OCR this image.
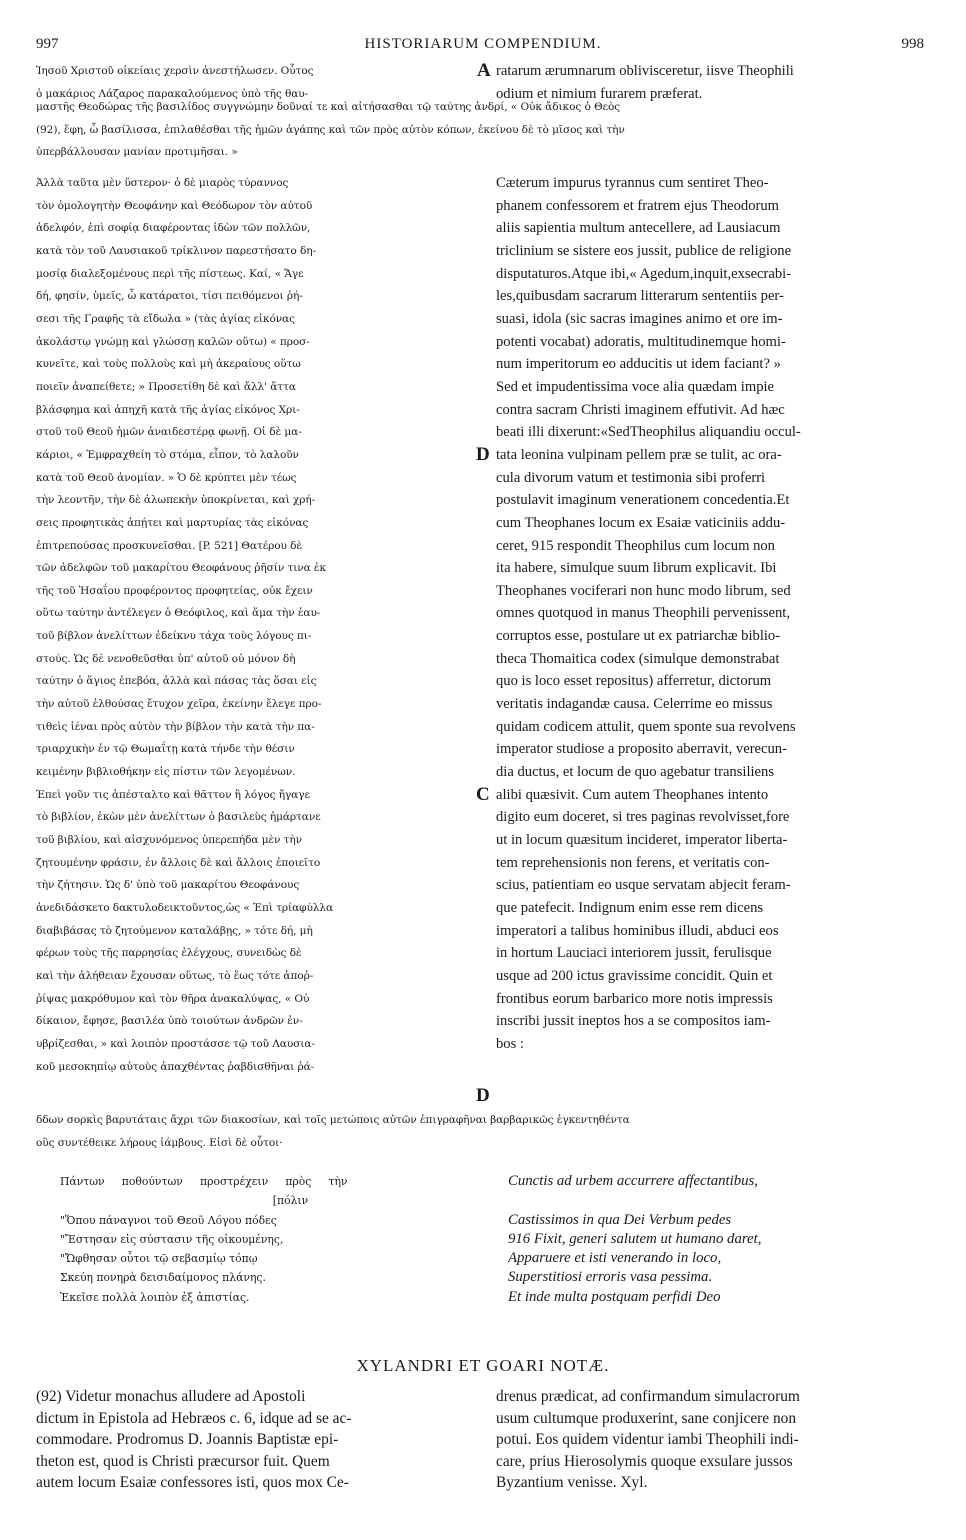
997	HISTORIARUM COMPENDIUM.	998
Ἰησοῦ Χριστοῦ οἰκείαις χερσὶν ἀνεστήλωσεν. Οὗτος
ὁ μακάριος Λάζαρος παρακαλούμενος ὑπὸ τῆς θαυ-
ratarum ærumnarum oblivisceretur, iisve Theophili
odium et nimium furarem præferat.
A
μαστῆς Θεοδώρας τῆς βασιλίδος συγγνώμην δοῦναί τε καὶ αἰτήσασθαι τῷ ταύτης ἀνδρί, « Οὐκ ἄδικος ὁ Θεὸς
(92), ἔφη, ὦ βασίλισσα, ἐπιλαθέσθαι τῆς ἡμῶν ἀγάπης καὶ τῶν πρὸς αὐτὸν κόπων, ἐκείνου δὲ τὸ μῖσος καὶ τὴν
ὑπερβάλλουσαν μανίαν προτιμῆσαι. »
Ἀλλὰ ταῦτα μὲν ὕστερον· ὁ δὲ μιαρὸς τύραννος
τὸν ὁμολογητὴν Θεοφάνην καὶ Θεόδωρον τὸν αὐτοῦ
ἀδελφόν, ἐπὶ σοφίᾳ διαφέροντας ἰδὼν τῶν πολλῶν,
κατὰ τὸν τοῦ Λαυσιακοῦ τρίκλινον παρεστήσατο δη-
μοσίᾳ διαλεξομένους περὶ τῆς πίστεως. Καί, « Ἄγε
δή, φησίν, ὑμεῖς, ὦ κατάρατοι, τίσι πειθόμενοι ῥή-
σεσι τῆς Γραφῆς τὰ εἴδωλα » (τὰς ἁγίας εἰκόνας
ἀκολάστῳ γνώμῃ καὶ γλώσσῃ καλῶν οὕτω) « προσ-
κυνεῖτε, καὶ τοὺς πολλοὺς καὶ μὴ ἀκεραίους οὕτω
ποιεῖν ἀναπείθετε; » Προσετίθη δὲ καὶ ἄλλ' ἄττα
βλάσφημα καὶ ἀπηχῆ κατὰ τῆς ἁγίας εἰκόνος Χρι-
στοῦ τοῦ Θεοῦ ἡμῶν ἀναιδεστέρᾳ φωνῇ. Οἱ δὲ μα-
κάριοι, « Ἐμφραχθείη τὸ στόμα, εἶπον, τὸ λαλοῦν
κατὰ τοῦ Θεοῦ ἀνομίαν. » Ὁ δὲ κρύπτει μὲν τέως
τὴν λεοντῆν, τὴν δὲ ἀλωπεκὴν ὑποκρίνεται, καὶ χρή-
σεις προφητικὰς ἀπῄτει καὶ μαρτυρίας τὰς εἰκόνας
ἐπιτρεπούσας προσκυνεῖσθαι. [P. 521] Θατέρου δὲ
τῶν ἀδελφῶν τοῦ μακαρίτου Θεοφάνους ῥῆσίν τινα ἐκ
τῆς τοῦ Ἠσαΐου προφέροντος προφητείας, οὐκ ἔχειν
οὕτω ταύτην ἀντέλεγεν ὁ Θεόφιλος, καὶ ἅμα τὴν ἑαυ-
τοῦ βίβλον ἀνελίττων ἐδείκνυ τάχα τοὺς λόγους πι-
στούς. Ὡς δὲ νενοθεῦσθαι ὑπ' αὐτοῦ οὐ μόνον δὴ
ταύτην ὁ ἅγιος ἐπεβόα, ἀλλὰ καὶ πάσας τὰς ὅσαι εἰς
τὴν αὐτοῦ ἐλθούσας ἔτυχον χεῖρα, ἐκείνην ἔλεγε προ-
τιθεὶς ἰέναι πρὸς αὐτὸν τὴν βίβλον τὴν κατὰ τὴν πα-
τριαρχικὴν ἐν τῷ Θωμαΐτῃ κατὰ τήνδε τὴν θέσιν
κειμένην βιβλιοθήκην εἰς πίστιν τῶν λεγομένων.
Ἐπεὶ γοῦν τις ἀπέσταλτο καὶ θᾶττον ἢ λόγος ἤγαγε
τὸ βιβλίον, ἑκὼν μὲν ἀνελίττων ὁ βασιλεὺς ἡμάρτανε
τοῦ βιβλίου, καὶ αἰσχυνόμενος ὑπερεπήδα μὲν τὴν
ζητουμένην φράσιν, ἐν ἄλλοις δὲ καὶ ἄλλοις ἐποιεῖτο
τὴν ζήτησιν. Ὡς δ' ὑπὸ τοῦ μακαρίτου Θεοφάνους
ἀνεδιδάσκετο δακτυλοδεικτοῦντος,ὡς « Ἐπὶ τρίαφύλλα
διαβιβάσας τὸ ζητούμενον καταλάβῃς, » τότε δή, μὴ
φέρων τοὺς τῆς παρρησίας ἐλέγχους, συνειδὼς δὲ
καὶ τὴν ἀλήθειαν ἔχουσαν οὕτως, τὸ ἕως τότε ἀποῤ-
ῥίψας μακρόθυμον καὶ τὸν θῆρα ἀνακαλύψας, « Οὐ
δίκαιον, ἔφησε, βασιλέα ὑπὸ τοιούτων ἀνδρῶν ἐν-
υβρίζεσθαι, » καὶ λοιπὸν προστάσσε τῷ τοῦ Λαυσια-
κοῦ μεσοκηπίῳ αὐτοὺς ἀπαχθέντας ῥαβδισθῆναι ῥά-
Cæterum impurus tyrannus cum sentiret Theo-
phanem confessorem et fratrem ejus Theodorum
aliis sapientia multum antecellere, ad Lausiacum
triclinium se sistere eos jussit, publice de religione
disputaturos.Atque ibi,« Agedum,inquit,exsecrabi-
les,quibusdam sacrarum litterarum sententiis per-
suasi, idola (sic sacras imagines animo et ore im-
potenti vocabat) adoratis, multitudinemque homi-
num imperitorum eo adducitis ut idem faciant? »
Sed et impudentissima voce alia quædam impie
contra sacram Christi imaginem effutivit. Ad hæc
beati illi dixerunt:«SedTheophilus aliquandiu occul-
tata leonina vulpinam pellem præ se tulit, ac ora-
cula divorum vatum et testimonia sibi proferri
postulavit imaginum venerationem concedentia.Et
cum Theophanes locum ex Esaiæ vaticiniis addu-
ceret, 915 respondit Theophilus cum locum non
ita habere, simulque suum librum explicavit. Ibi
Theophanes vociferari non hunc modo librum, sed
omnes quotquod in manus Theophili pervenissent,
corruptos esse, postulare ut ex patriarchæ biblio-
theca Thomaitica codex (simulque demonstrabat
quo is loco esset repositus) afferretur, dictorum
veritatis indagandæ causa. Celerrime eo missus
quidam codicem attulit, quem sponte sua revolvens
imperator studiose a proposito aberravit, verecun-
dia ductus, et locum de quo agebatur transiliens
alibi quæsivit. Cum autem Theophanes intento
digito eum doceret, si tres paginas revolvisset,fore
ut in locum quæsitum incideret, imperator liberta-
tem reprehensionis non ferens, et veritatis con-
scius, patientiam eo usque servatam abjecit feram-
que patefecit. Indignum enim esse rem dicens
imperatori a talibus hominibus illudi, abduci eos
in hortum Lauciaci interiorem jussit, ferulisque
usque ad 200 ictus gravissime concidit. Quin et
frontibus eorum barbarico more notis impressis
inscribi jussit ineptos hos a se compositos iam-
bos :
D
C
D
δδων σορκὶς βαρυτάταις ἄχρι τῶν διακοσίων, καὶ τοῖς μετώποις αὐτῶν ἐπιγραφῆναι βαρβαρικῶς ἐγκεντηθέντα
οὓς συντέθεικε λήρους ἰάμβους. Εἰσὶ δὲ οὗτοι·
Πάντων     ποθούντων     προστρέχειν     πρὸς     τὴν
[πόλιν
"Ὅπου πάναγνοι τοῦ Θεοῦ Λόγου πόδες
"Ἔστησαν εἰς σύστασιν τῆς οἰκουμένης,
"Ὤφθησαν οὗτοι τῷ σεβασμίῳ τόπῳ
Σκεύη πονηρὰ δεισιδαίμονος πλάνης.
Ἐκεῖσε πολλὰ λοιπὸν ἐξ ἀπιστίας.
Cunctis ad urbem accurrere affectantibus,

Castissimos in qua Dei Verbum pedes
916 Fixit, generi salutem ut humano daret,
Apparuere et isti venerando in loco,
Superstitiosi erroris vasa pessima.
Et inde multa postquam perfidi Deo
XYLANDRI ET GOARI NOTÆ.
(92) Videtur monachus alludere ad Apostoli
dictum in Epistola ad Hebræos c. 6, idque ad se ac-
commodare. Prodromus D. Joannis Baptistæ epi-
theton est, quod is Christi præcursor fuit. Quem
autem locum Esaiæ confessores isti, quos mox Ce-
drenus prædicat, ad confirmandum simulacrorum
usum cultumque produxerint, sane conjicere non
potui. Eos quidem videntur iambi Theophili indi-
care, prius Hierosolymis quoque exsulare jussos
Byzantium venisse. Xyl.
